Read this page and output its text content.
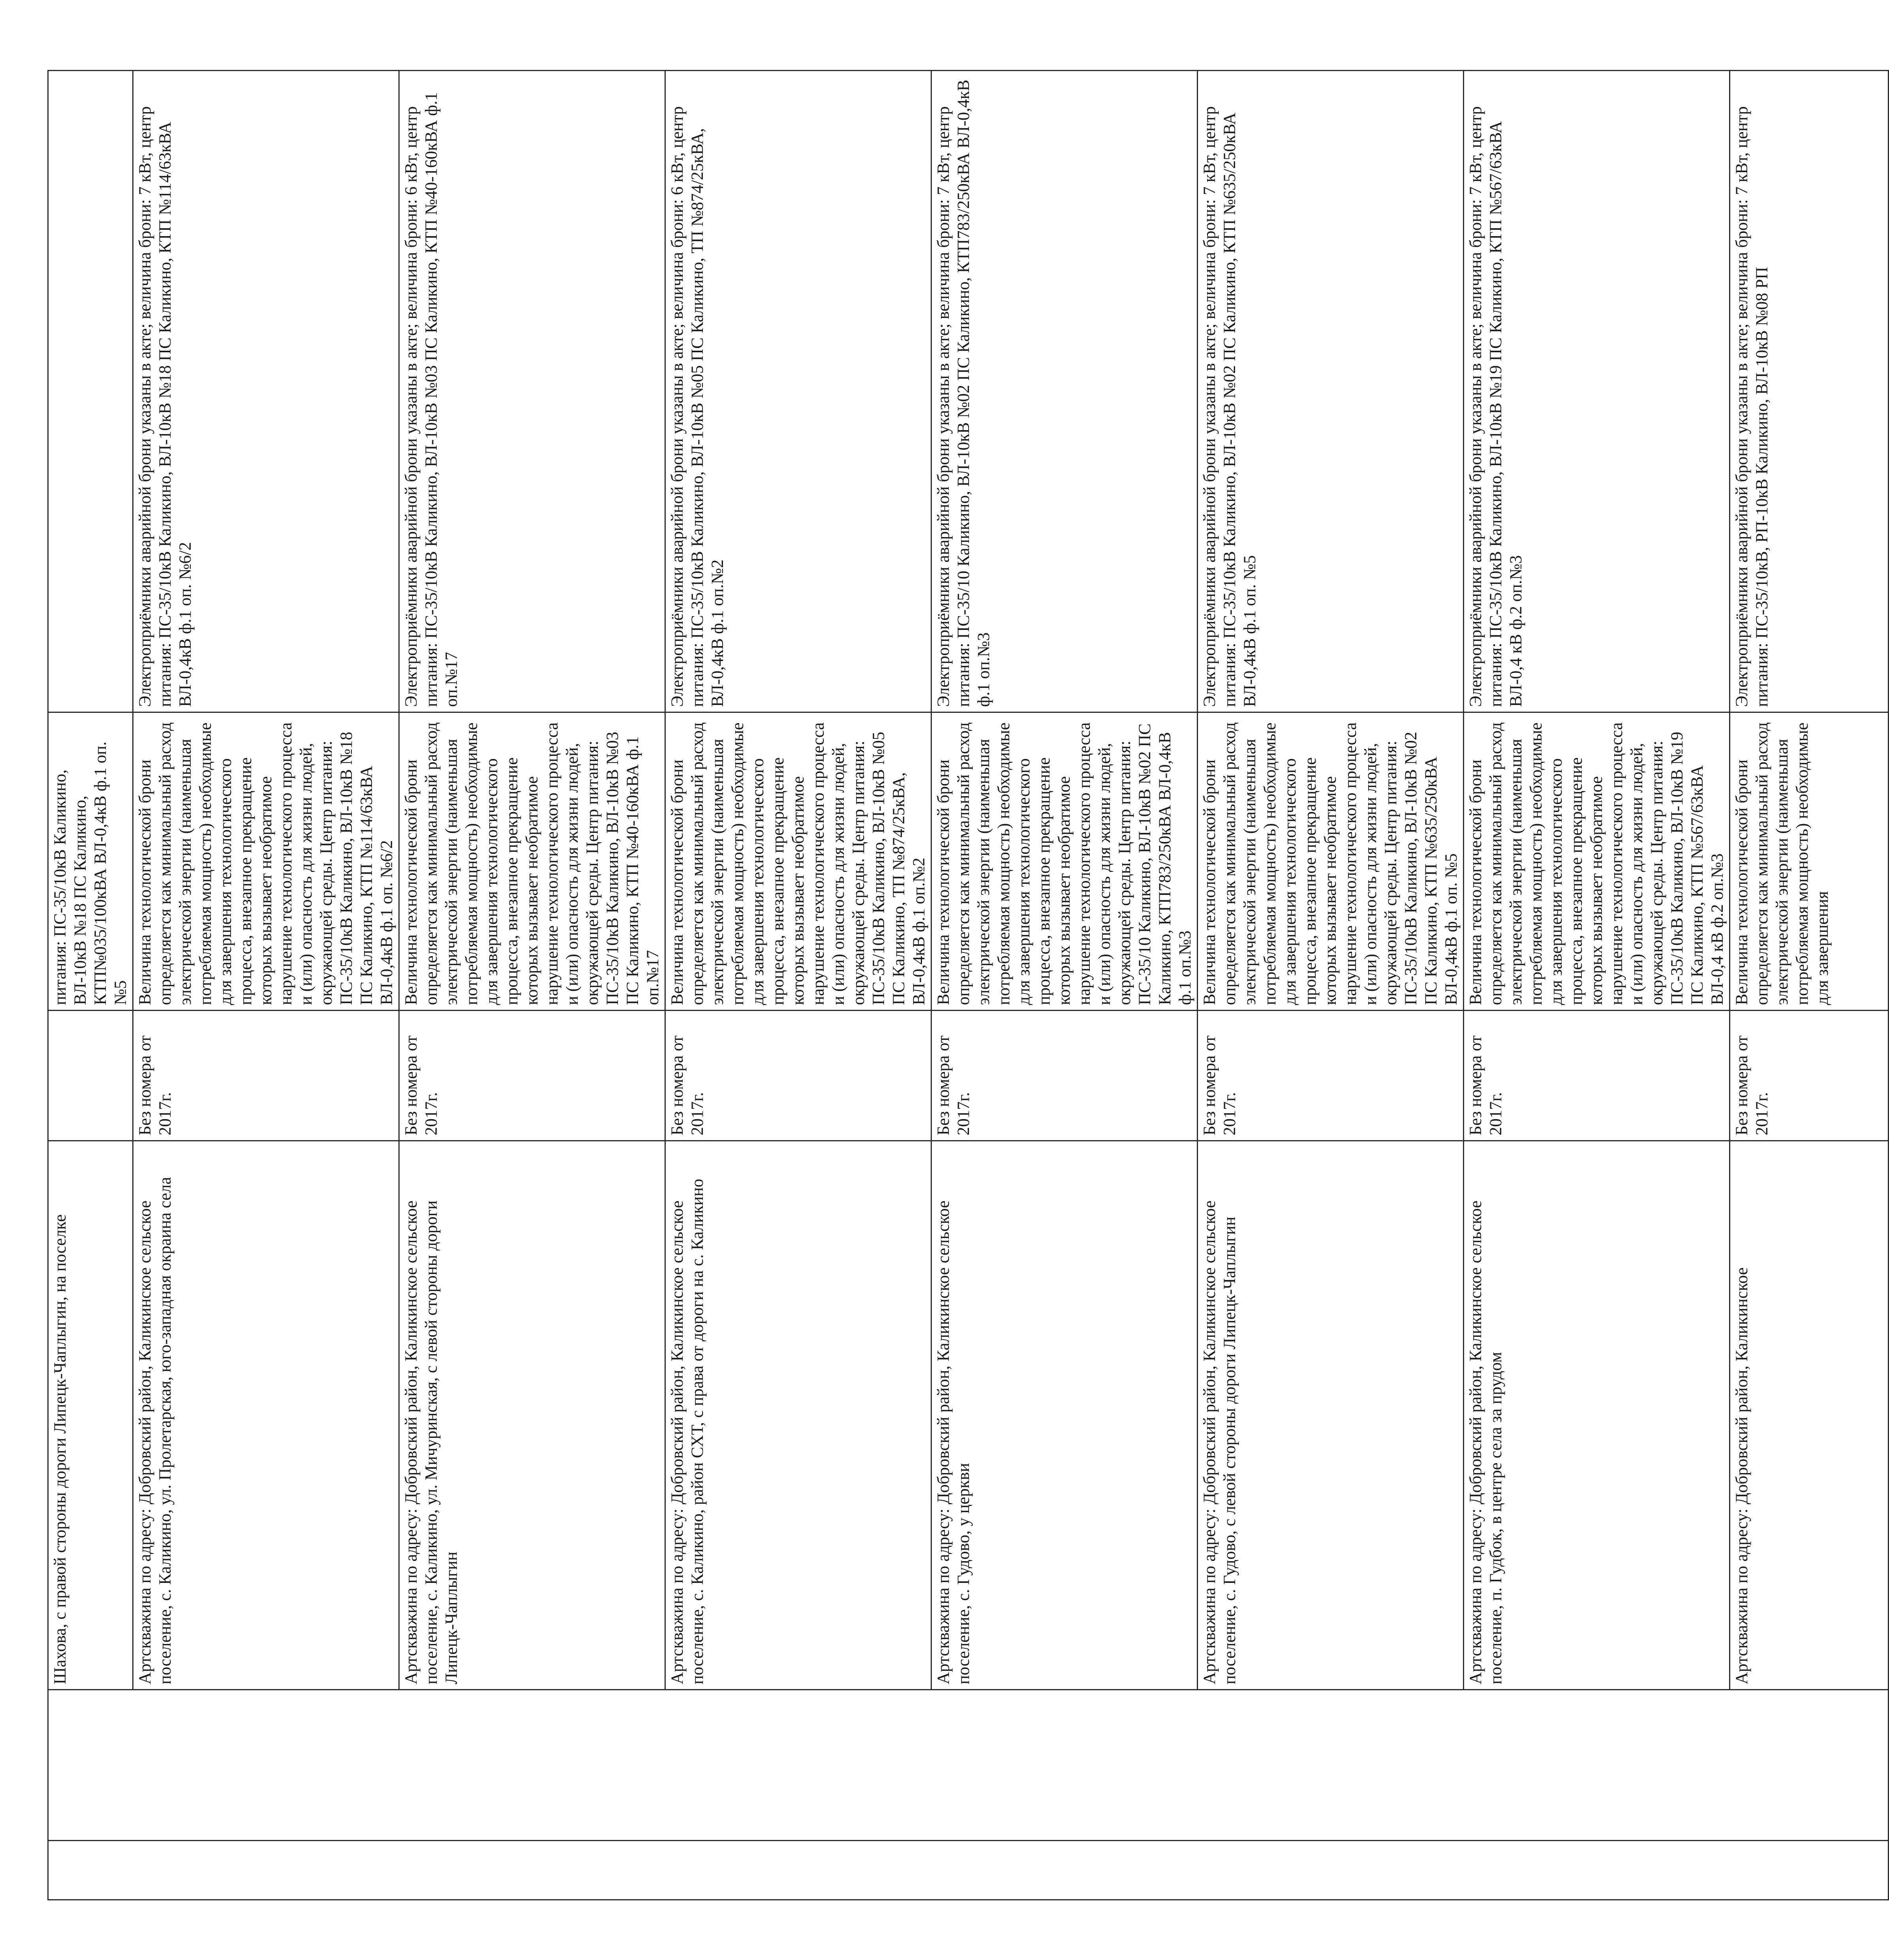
		Шахова, с правой стороны дороги Липецк-Чаплыгин, на поселке		питания: ПС-35/10кВ Каликино, ВЛ-10кВ №18 ПС Каликино, КТП№035/100кВА ВЛ-0,4кВ ф.1 оп.№5	
		Артскважина по адресу: Добровский район, Каликинское сельское поселение, с. Каликино, ул. Пролетарская, юго-западная окраина села	Без номера от 2017г.	Величина технологической брони определяется как минимальный расход электрической энергии (наименьшая потребляемая мощность) необходимые для завершения технологического процесса, внезапное прекращение которых вызывает необратимое нарушение технологического процесса и (или) опасность для жизни людей, окружающей среды. Центр питания: ПС-35/10кВ Каликино, ВЛ-10кВ №18 ПС Каликино, КТП №114/63кВА ВЛ-0,4кВ ф.1 оп. №6/2	Электроприёмники аварийной брони указаны в акте; величина брони: 7 кВт, центр питания: ПС-35/10кВ Каликино, ВЛ-10кВ №18 ПС Каликино, КТП №114/63кВА ВЛ-0,4кВ ф.1 оп. №6/2
		Артскважина по адресу: Добровский район, Каликинское сельское поселение, с. Каликино, ул. Мичуринская, с левой стороны дороги Липецк-Чаплыгин	Без номера от 2017г.	Величина технологической брони определяется как минимальный расход электрической энергии (наименьшая потребляемая мощность) необходимые для завершения технологического процесса, внезапное прекращение которых вызывает необратимое нарушение технологического процесса и (или) опасность для жизни людей, окружающей среды. Центр питания: ПС-35/10кВ Каликино, ВЛ-10кВ №03 ПС Каликино, КТП №40-160кВА ф.1 оп.№17	Электроприёмники аварийной брони указаны в акте; величина брони: 6 кВт, центр питания: ПС-35/10кВ Каликино, ВЛ-10кВ №03 ПС Каликино, КТП №40-160кВА ф.1 оп.№17
		Артскважина по адресу: Добровский район, Каликинское сельское поселение, с. Каликино, район СХТ, с права от дороги на с. Каликино	Без номера от 2017г.	Величина технологической брони определяется как минимальный расход электрической энергии (наименьшая потребляемая мощность) необходимые для завершения технологического процесса, внезапное прекращение которых вызывает необратимое нарушение технологического процесса и (или) опасность для жизни людей, окружающей среды. Центр питания: ПС-35/10кВ Каликино, ВЛ-10кВ №05 ПС Каликино, ТП №874/25кВА, ВЛ-0,4кВ ф.1 оп.№2	Электроприёмники аварийной брони указаны в акте; величина брони: 6 кВт, центр питания: ПС-35/10кВ Каликино, ВЛ-10кВ №05 ПС Каликино, ТП №874/25кВА, ВЛ-0,4кВ ф.1 оп.№2
		Артскважина по адресу: Добровский район, Каликинское сельское поселение, с. Гудово, у церкви	Без номера от 2017г.	Величина технологической брони определяется как минимальный расход электрической энергии (наименьшая потребляемая мощность) необходимые для завершения технологического процесса, внезапное прекращение которых вызывает необратимое нарушение технологического процесса и (или) опасность для жизни людей, окружающей среды. Центр питания: ПС-35/10 Каликино, ВЛ-10кВ №02 ПС Каликино, КТП783/250кВА ВЛ-0,4кВ ф.1 оп.№3	Электроприёмники аварийной брони указаны в акте; величина брони: 7 кВт, центр питания: ПС-35/10 Каликино, ВЛ-10кВ №02 ПС Каликино, КТП783/250кВА ВЛ-0,4кВ ф.1 оп.№3
		Артскважина по адресу: Добровский район, Каликинское сельское поселение, с. Гудово, с левой стороны дороги Липецк-Чаплыгин	Без номера от 2017г.	Величина технологической брони определяется как минимальный расход электрической энергии (наименьшая потребляемая мощность) необходимые для завершения технологического процесса, внезапное прекращение которых вызывает необратимое нарушение технологического процесса и (или) опасность для жизни людей, окружающей среды. Центр питания: ПС-35/10кВ Каликино, ВЛ-10кВ №02 ПС Каликино, КТП №635/250кВА ВЛ-0,4кВ ф.1 оп. №5	Электроприёмники аварийной брони указаны в акте; величина брони: 7 кВт, центр питания: ПС-35/10кВ Каликино, ВЛ-10кВ №02 ПС Каликино, КТП №635/250кВА ВЛ-0,4кВ ф.1 оп. №5
		Артскважина по адресу: Добровский район, Каликинское сельское поселение, п. Гудбок, в центре села за прудом	Без номера от 2017г.	Величина технологической брони определяется как минимальный расход электрической энергии (наименьшая потребляемая мощность) необходимые для завершения технологического процесса, внезапное прекращение которых вызывает необратимое нарушение технологического процесса и (или) опасность для жизни людей, окружающей среды. Центр питания: ПС-35/10кВ Каликино, ВЛ-10кВ №19 ПС Каликино, КТП №567/63кВА ВЛ-0,4 кВ ф.2 оп.№3	Электроприёмники аварийной брони указаны в акте; величина брони: 7 кВт, центр питания: ПС-35/10кВ Каликино, ВЛ-10кВ №19 ПС Каликино, КТП №567/63кВА ВЛ-0,4 кВ ф.2 оп.№3
		Артскважина по адресу: Добровский район, Каликинское	Без номера от 2017г.	Величина технологической брони определяется как минимальный расход электрической энергии (наименьшая потребляемая мощность) необходимые для завершения	Электроприёмники аварийной брони указаны в акте; величина брони: 7 кВт, центр питания: ПС-35/10кВ, РП-10кВ Каликино, ВЛ-10кВ №08 РП
